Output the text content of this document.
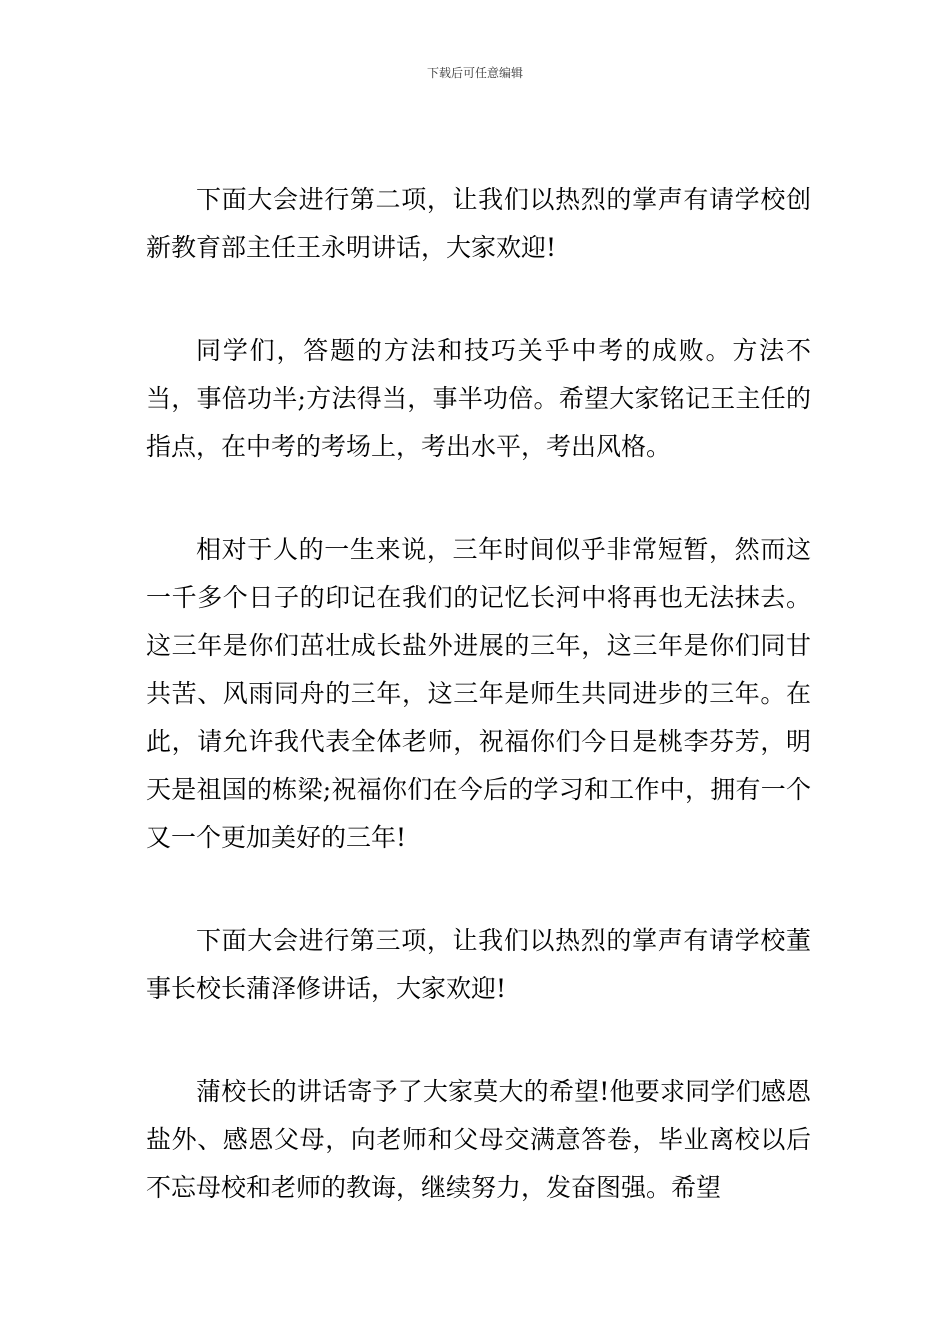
下载后可任意编辑

下面大会进行第二项，让我们以热烈的掌声有请学校创新教育部主任王永明讲话，大家欢迎!

同学们，答题的方法和技巧关乎中考的成败。方法不当，事倍功半;方法得当，事半功倍。希望大家铭记王主任的指点，在中考的考场上，考出水平，考出风格。

相对于人的一生来说，三年时间似乎非常短暂，然而这一千多个日子的印记在我们的记忆长河中将再也无法抹去。这三年是你们茁壮成长盐外进展的三年，这三年是你们同甘共苦、风雨同舟的三年，这三年是师生共同进步的三年。在此，请允许我代表全体老师，祝福你们今日是桃李芬芳，明天是祖国的栋梁;祝福你们在今后的学习和工作中，拥有一个又一个更加美好的三年!

下面大会进行第三项，让我们以热烈的掌声有请学校董事长校长蒲泽修讲话，大家欢迎!

蒲校长的讲话寄予了大家莫大的希望!他要求同学们感恩盐外、感恩父母，向老师和父母交满意答卷，毕业离校以后不忘母校和老师的教诲，继续努力，发奋图强。希望
